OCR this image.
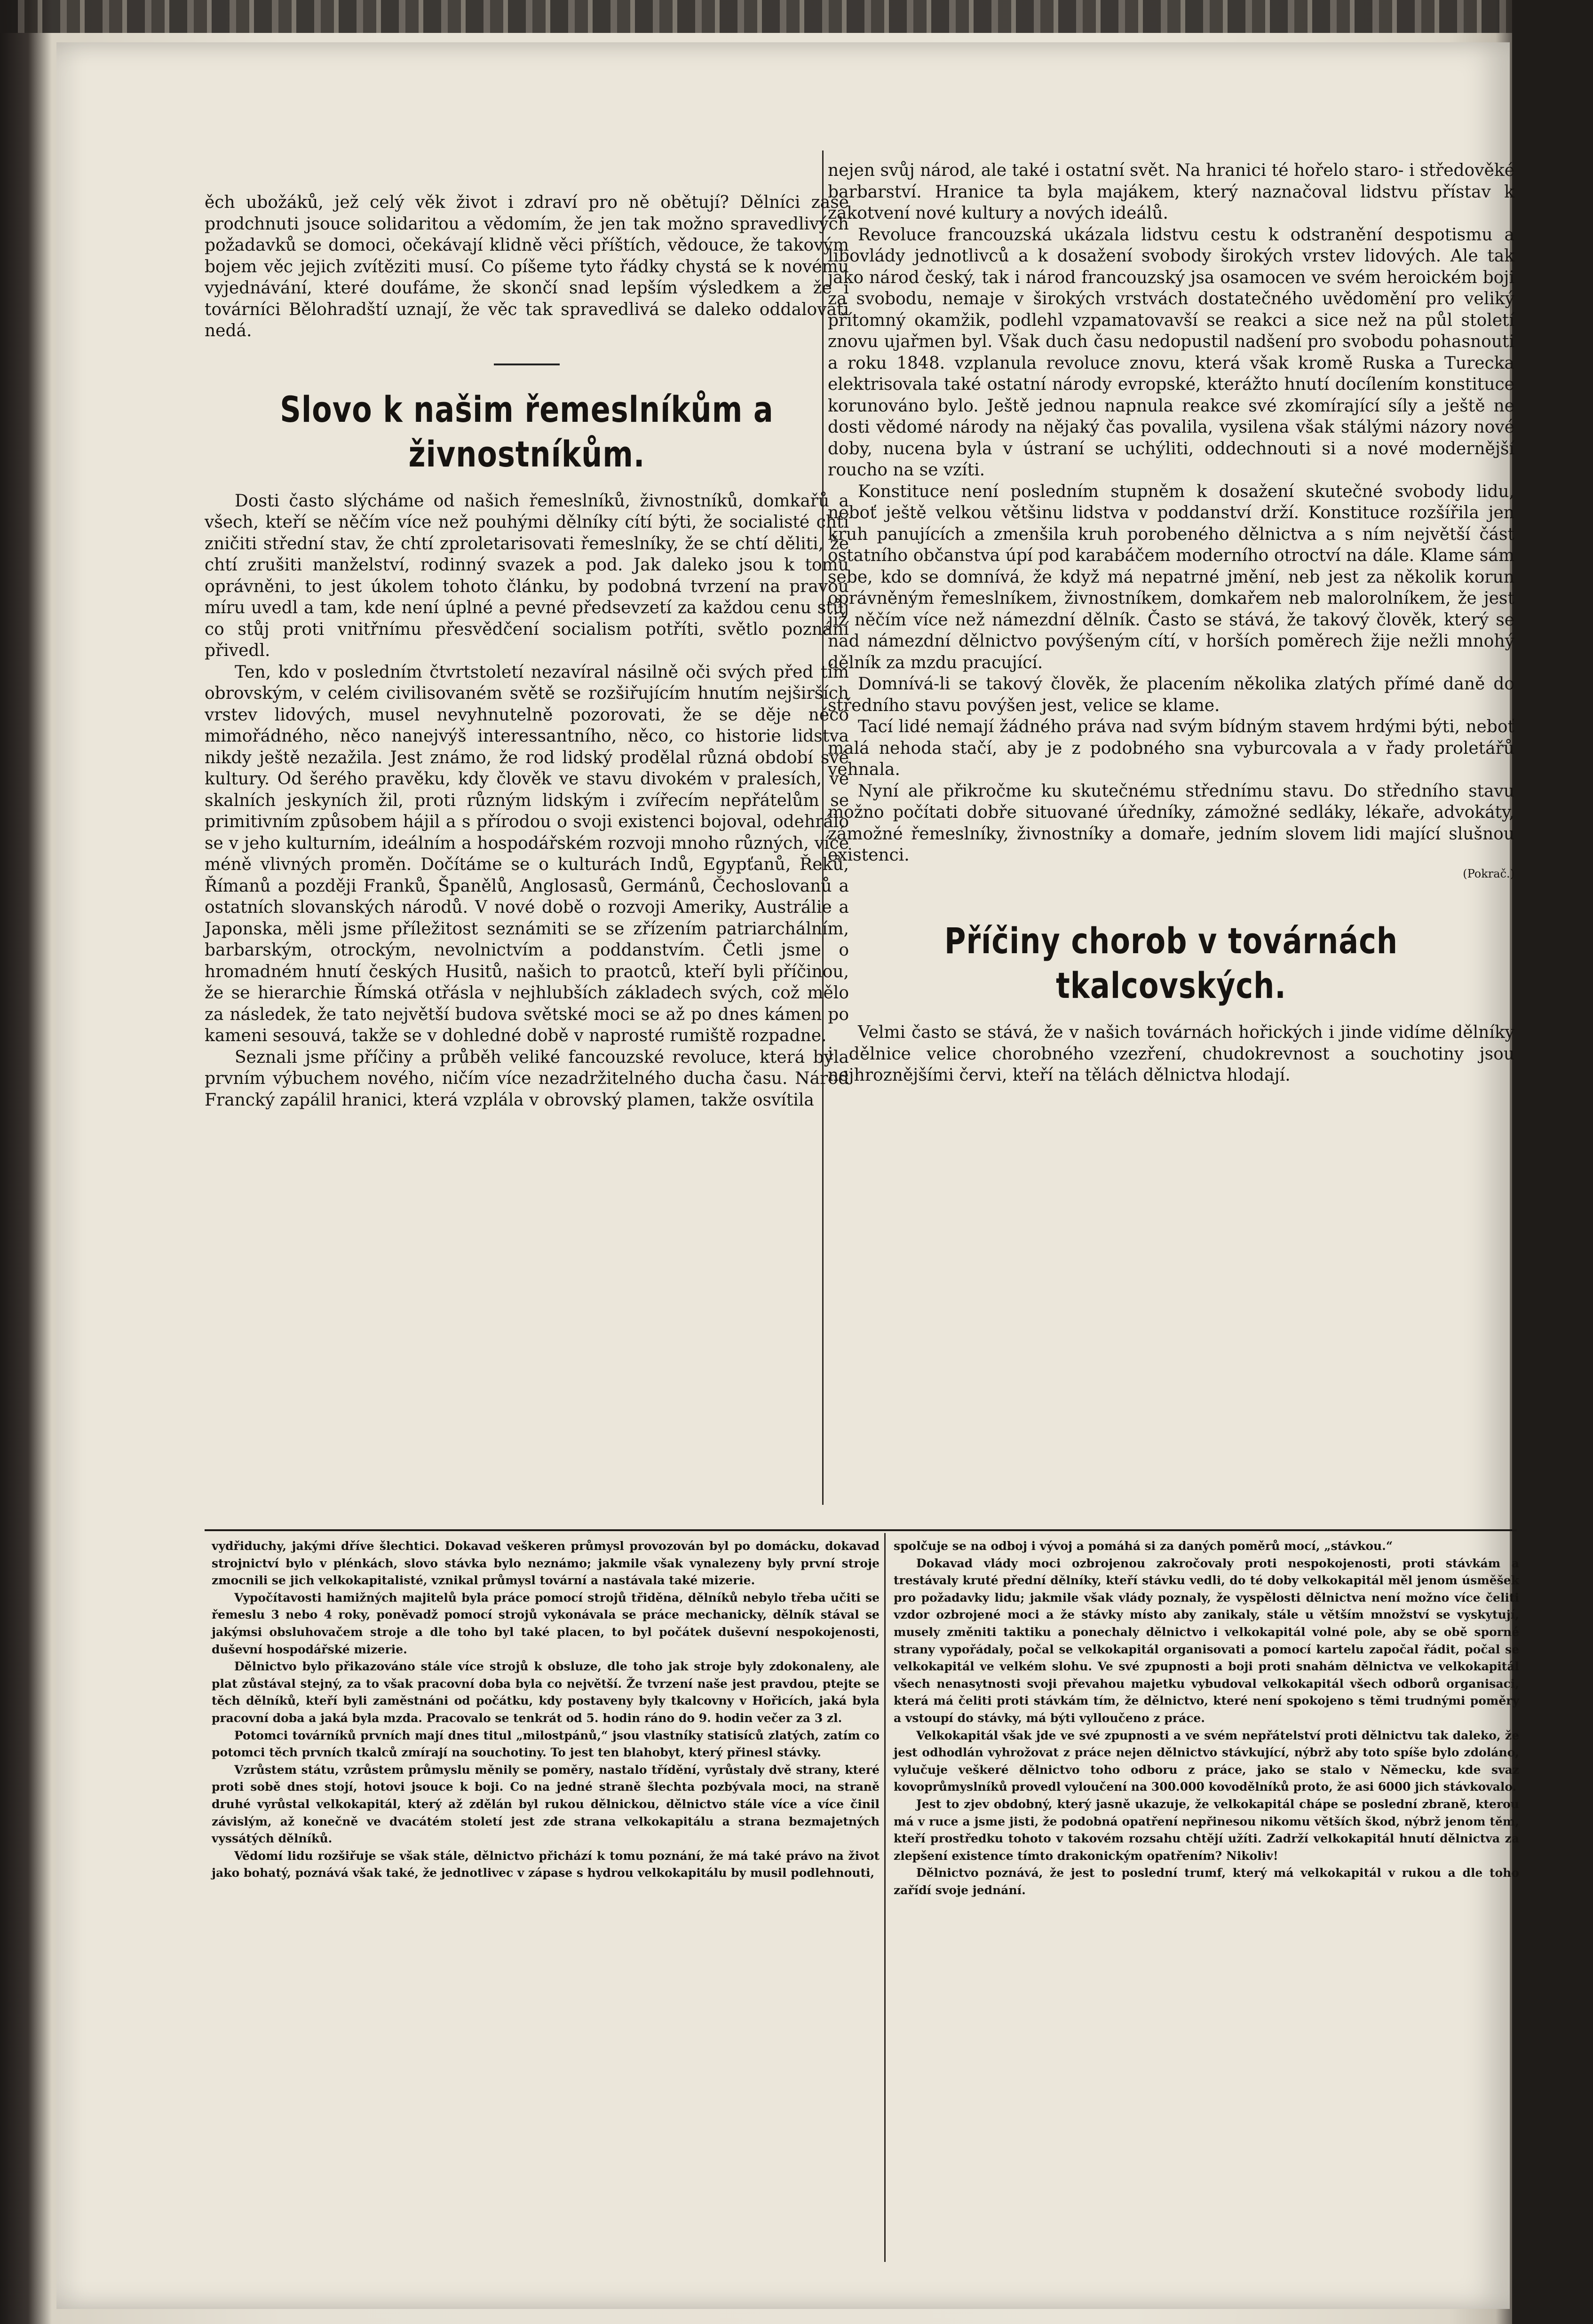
ěch ubožáků, jež celý věk život i zdraví pro ně obětují? Dělníci zase prodchnuti jsouce solidaritou a vědomím, že jen tak možno spravedlivých požadavků se domoci, očekávají klidně věci příštích, vědouce, že takovým bojem věc jejich zvítěziti musí. Co píšeme tyto řádky chystá se k novému vyjednávání, které doufáme, že skončí snad lepším výsledkem a že i továrníci Bělohradští uznají, že věc tak spravedlivá se daleko oddalovati nedá.

Slovo k našim řemeslníkům a živnostníkům.

Dosti často slýcháme od našich řemeslníků, živnostníků, domkařů a všech, kteří se něčím více než pouhými dělníky cítí býti, že socialisté chtí zničiti střední stav, že chtí zproletarisovati řemeslníky, že se chtí děliti, že chtí zrušiti manželství, rodinný svazek a pod. Jak daleko jsou k tomu oprávněni, to jest úkolem tohoto článku, by podobná tvrzení na pravou míru uvedl a tam, kde není úplné a pevné předsevzetí za každou cenu stůj co stůj proti vnitřnímu přesvědčení socialism potříti, světlo poznání přivedl.

Ten, kdo v posledním čtvrtstoletí nezavíral násilně oči svých před tím obrovským, v celém civilisovaném světě se rozšiřujícím hnutím nejširších vrstev lidových, musel nevyhnutelně pozorovati, že se děje něco mimořádného, něco nanejvýš interessantního, něco, co historie lidstva nikdy ještě nezažila. Jest známo, že rod lidský prodělal různá období své kultury. Od šerého pravěku, kdy člověk ve stavu divokém v pralesích, ve skalních jeskyních žil, proti různým lidským i zvířecím nepřátelům se primitivním způsobem hájil a s přírodou o svoji existenci bojoval, odehrálo se v jeho kulturním, ideálním a hospodářském rozvoji mnoho různých, více méně vlivných proměn. Dočítáme se o kulturách Indů, Egypťanů, Řeků, Římanů a později Franků, Španělů, Anglosasů, Germánů, Čechoslovanů a ostatních slovanských národů. V nové době o rozvoji Ameriky, Austrálie a Japonska, měli jsme příležitost seznámiti se se zřízením patriarchálním, barbarským, otrockým, nevolnictvím a poddanstvím. Četli jsme o hromadném hnutí českých Husitů, našich to praotců, kteří byli příčinou, že se hierarchie Římská otřásla v nejhlubších základech svých, což mělo za následek, že tato největší budova světské moci se až po dnes kámen po kameni sesouvá, takže se v dohledné době v naprosté rumiště rozpadne.

Seznali jsme příčiny a průběh veliké fancouzské revoluce, která byla prvním výbuchem nového, ničím více nezadržitelného ducha času. Národ Francký zapálil hranici, která vzplála v obrovský plamen, takže osvítila

nejen svůj národ, ale také i ostatní svět. Na hranici té hořelo staro- i středověké barbarství. Hranice ta byla majákem, který naznačoval lidstvu přístav k zakotvení nové kultury a nových ideálů.

Revoluce francouzská ukázala lidstvu cestu k odstranění despotismu a libovlády jednotlivců a k dosažení svobody širokých vrstev lidových. Ale tak jako národ český, tak i národ francouzský jsa osamocen ve svém heroickém boji za svobodu, nemaje v širokých vrstvách dostatečného uvědomění pro veliký přítomný okamžik, podlehl vzpamatovavší se reakci a sice než na půl století znovu ujařmen byl. Však duch času nedopustil nadšení pro svobodu pohasnouti a roku 1848. vzplanula revoluce znovu, která však kromě Ruska a Turecka elektrisovala také ostatní národy evropské, kterážto hnutí docílením konstituce korunováno bylo. Ještě jednou napnula reakce své zkomírající síly a ještě ne dosti vědomé národy na nějaký čas povalila, vysilena však stálými názory nové doby, nucena byla v ústraní se uchýliti, oddechnouti si a nové modernější roucho na se vzíti.

Konstituce není posledním stupněm k dosažení skutečné svobody lidu, neboť ještě velkou většinu lidstva v poddanství drží. Konstituce rozšířila jen kruh panujících a zmenšila kruh porobeného dělnictva a s ním největší část ostatního občanstva úpí pod karabáčem moderního otroctví na dále. Klame sám sebe, kdo se domnívá, že když má nepatrné jmění, neb jest za několik korun oprávněným řemeslníkem, živnostníkem, domkařem neb malorolníkem, že jest již něčím více než námezdní dělník. Často se stává, že takový člověk, který se nad námezdní dělnictvo povýšeným cítí, v horších poměrech žije nežli mnohý dělník za mzdu pracující.

Domnívá-li se takový člověk, že placením několika zlatých přímé daně do středního stavu povýšen jest, velice se klame.

Tací lidé nemají žádného práva nad svým bídným stavem hrdými býti, neboť malá nehoda stačí, aby je z podobného sna vyburcovala a v řady proletářů vehnala.

Nyní ale přikročme ku skutečnému střednímu stavu. Do středního stavu možno počítati dobře situované úředníky, zámožné sedláky, lékaře, advokáty, zámožné řemeslníky, živnostníky a domaře, jedním slovem lidi mající slušnou existenci.

(Pokrač.)
Příčiny chorob v továrnách tkalcovských.

Velmi často se stává, že v našich továrnách hořických i jinde vidíme dělníky i dělnice velice chorobného vzezření, chudokrevnost a souchotiny jsou nejhroznějšími červi, kteří na tělách dělnictva hlodají.

vydřiduchy, jakými dříve šlechtici. Dokavad veškeren průmysl provozován byl po domácku, dokavad strojnictví bylo v plénkách, slovo stávka bylo neznámo; jakmile však vynalezeny byly první stroje zmocnili se jich velkokapitalisté, vznikal průmysl tovární a nastávala také mizerie.

Vypočítavosti hamižných majitelů byla práce pomocí strojů třiděna, dělníků nebylo třeba učiti se řemeslu 3 nebo 4 roky, poněvadž pomocí strojů vykonávala se práce mechanicky, dělník stával se jakýmsi obsluhovačem stroje a dle toho byl také placen, to byl počátek duševní nespokojenosti, duševní hospodářské mizerie.

Dělnictvo bylo přikazováno stále více strojů k obsluze, dle toho jak stroje byly zdokonaleny, ale plat zůstával stejný, za to však pracovní doba byla co největší. Že tvrzení naše jest pravdou, ptejte se těch dělníků, kteří byli zaměstnáni od počátku, kdy postaveny byly tkalcovny v Hořicích, jaká byla pracovní doba a jaká byla mzda. Pracovalo se tenkrát od 5. hodin ráno do 9. hodin večer za 3 zl.

Potomci továrníků prvních mají dnes titul „milostpánů,“ jsou vlastníky statisíců zlatých, zatím co potomci těch prvních tkalců zmírají na souchotiny. To jest ten blahobyt, který přinesl stávky.

Vzrůstem státu, vzrůstem průmyslu měnily se poměry, nastalo třídění, vyrůstaly dvě strany, které proti sobě dnes stojí, hotovi jsouce k boji. Co na jedné straně šlechta pozbývala moci, na straně druhé vyrůstal velkokapitál, který až zdělán byl rukou dělnickou, dělnictvo stále více a více činil závislým, až konečně ve dvacátém století jest zde strana velkokapitálu a strana bezmajetných vyssátých dělníků.

Vědomí lidu rozšiřuje se však stále, dělnictvo přichází k tomu poznání, že má také právo na život jako bohatý, poznává však také, že jednotlivec v zápase s hydrou velkokapitálu by musil podlehnouti,

spolčuje se na odboj i vývoj a pomáhá si za daných poměrů mocí, „stávkou.“

Dokavad vlády moci ozbrojenou zakročovaly proti nespokojenosti, proti stávkám a trestávaly kruté přední dělníky, kteří stávku vedli, do té doby velkokapitál měl jenom úsměšek pro požadavky lidu; jakmile však vlády poznaly, že vyspělosti dělnictva není možno více čeliti vzdor ozbrojené moci a že stávky místo aby zanikaly, stále u větším množství se vyskytují, musely změniti taktiku a ponechaly dělnictvo i velkokapitál volné pole, aby se obě sporné strany vypořádaly, počal se velkokapitál organisovati a pomocí kartelu započal řádit, počal se velkokapitál ve velkém slohu. Ve své zpupnosti a boji proti snahám dělnictva ve velkokapitál všech nenasytnosti svoji převahou majetku vybudoval velkokapitál všech odborů organisaci, která má čeliti proti stávkám tím, že dělnictvo, které není spokojeno s těmi trudnými poměry a vstoupí do stávky, má býti vylloučeno z práce.

Velkokapitál však jde ve své zpupnosti a ve svém nepřátelství proti dělnictvu tak daleko, že jest odhodlán vyhrožovat z práce nejen dělnictvo stávkující, nýbrž aby toto spíše bylo zdoláno, vylučuje veškeré dělnictvo toho odboru z práce, jako se stalo v Německu, kde svaz kovoprůmyslníků provedl vyloučení na 300.000 kovodělníků proto, že asi 6000 jich stávkovalo.

Jest to zjev obdobný, který jasně ukazuje, že velkokapitál chápe se poslední zbraně, kterou má v ruce a jsme jisti, že podobná opatření nepřinesou nikomu větších škod, nýbrž jenom těm, kteří prostředku tohoto v takovém rozsahu chtějí užíti. Zadrží velkokapitál hnutí dělnictva za zlepšení existence tímto drakonickým opatřením? Nikoliv!

Dělnictvo poznává, že jest to poslední trumf, který má velkokapitál v rukou a dle toho zařídí svoje jednání.
